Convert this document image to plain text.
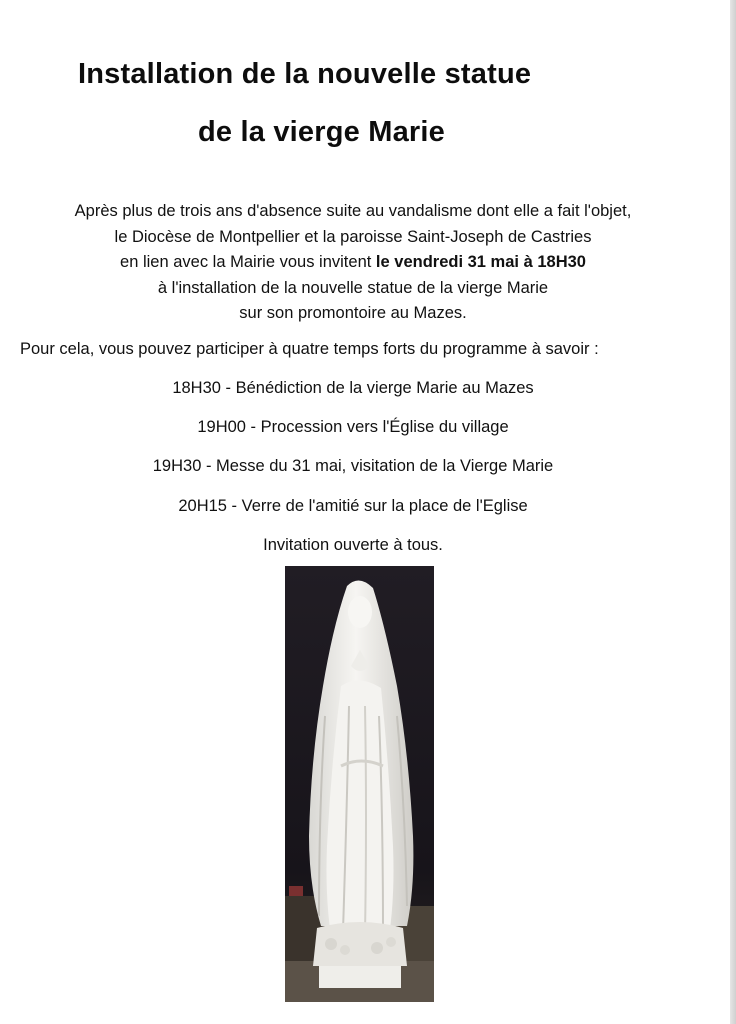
Installation de la nouvelle statue
de la vierge Marie
Après plus de trois ans d'absence suite au vandalisme dont elle a fait l'objet,
le Diocèse de Montpellier et la paroisse Saint-Joseph de Castries
en lien avec la Mairie vous invitent le vendredi 31 mai à 18H30
à l'installation de la nouvelle statue de la vierge Marie
sur son promontoire au Mazes.
Pour cela, vous pouvez participer à quatre temps forts du programme à savoir :
18H30 - Bénédiction de la vierge Marie au Mazes
19H00 - Procession vers l'Église du village
19H30 - Messe du 31 mai, visitation de la Vierge Marie
20H15 - Verre de l'amitié sur la place de l'Eglise
Invitation ouverte à tous.
